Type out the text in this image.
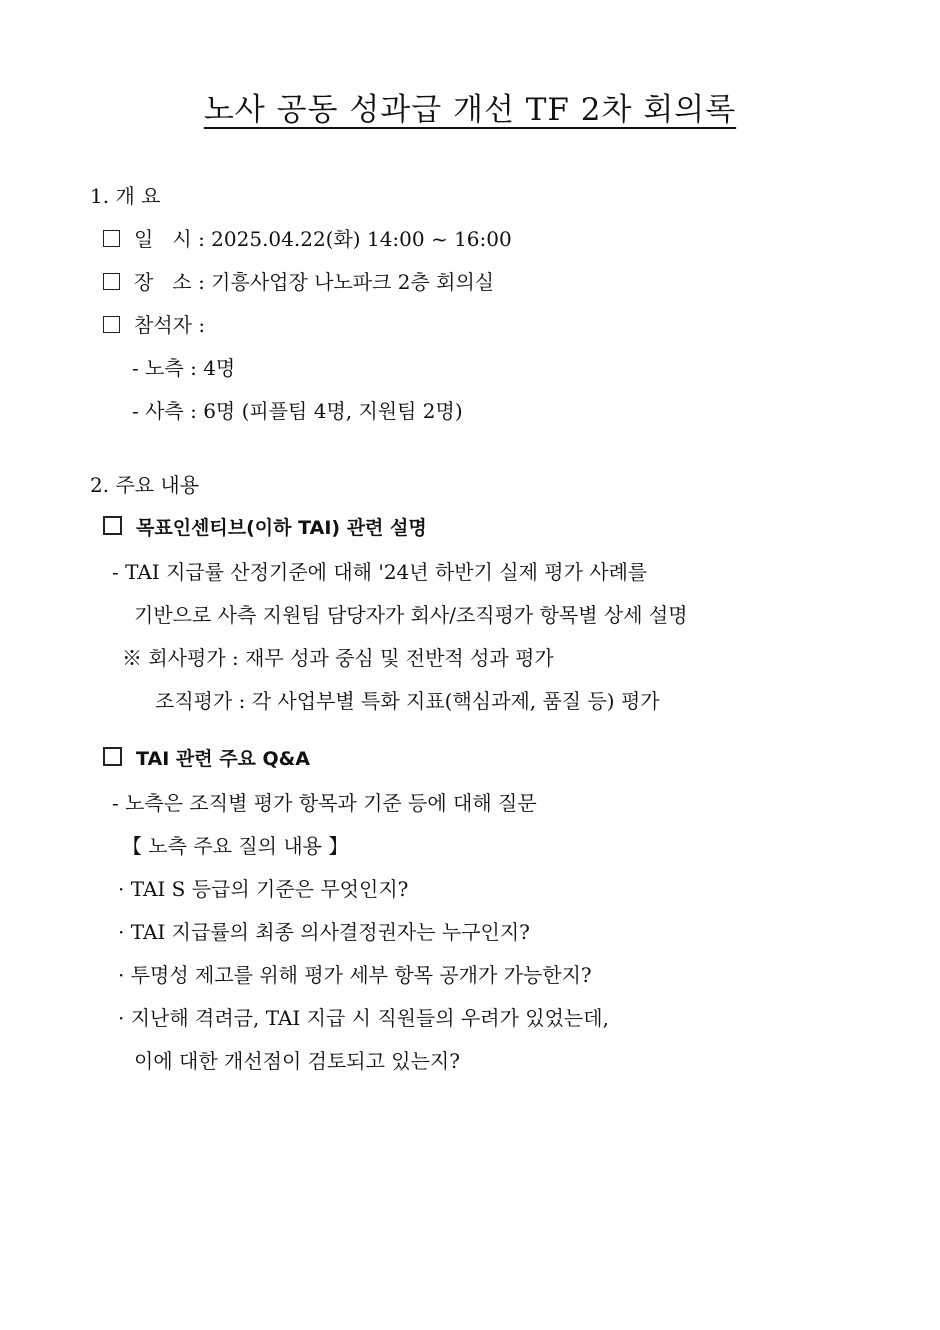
노사 공동 성과급 개선 TF 2차 회의록
1. 개 요
일   시 : 2025.04.22(화) 14:00 ~ 16:00
장   소 : 기흥사업장 나노파크 2층 회의실
참석자 :
- 노측 : 4명
- 사측 : 6명 (피플팀 4명, 지원팀 2명)
2. 주요 내용
목표인센티브(이하 TAI) 관련 설명
- TAI 지급률 산정기준에 대해 '24년 하반기 실제 평가 사례를
기반으로 사측 지원팀 담당자가 회사/조직평가 항목별 상세 설명
※ 회사평가 : 재무 성과 중심 및 전반적 성과 평가
조직평가 : 각 사업부별 특화 지표(핵심과제, 품질 등) 평가
TAI 관련 주요 Q&A
- 노측은 조직별 평가 항목과 기준 등에 대해 질문
【 노측 주요 질의 내용 】
· TAI S 등급의 기준은 무엇인지?
· TAI 지급률의 최종 의사결정권자는 누구인지?
· 투명성 제고를 위해 평가 세부 항목 공개가 가능한지?
· 지난해 격려금, TAI 지급 시 직원들의 우려가 있었는데,
이에 대한 개선점이 검토되고 있는지?
